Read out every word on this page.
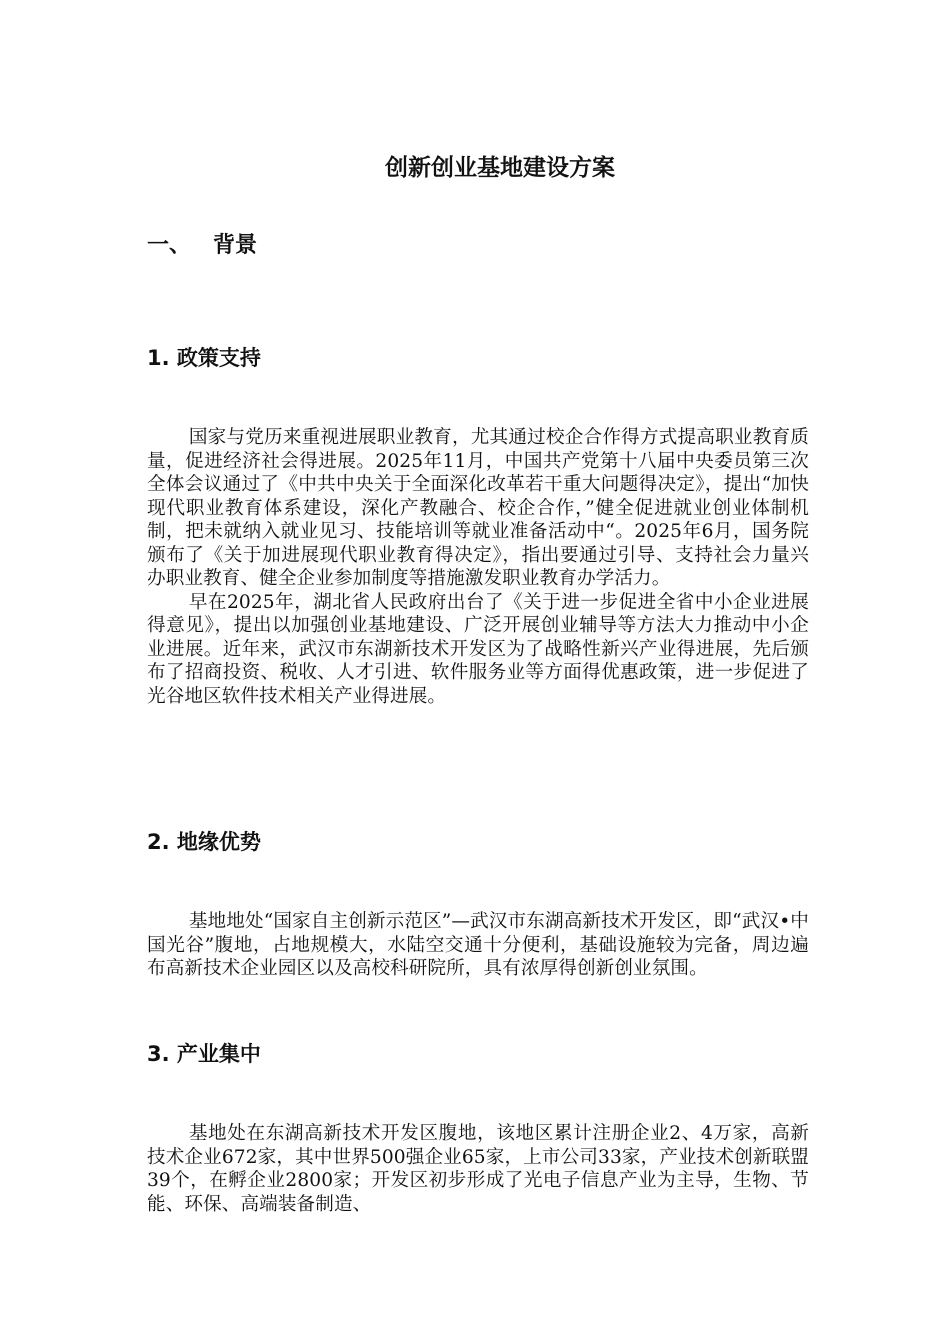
创新创业基地建设方案
一、 背景
1. 政策支持

国家与党历来重视进展职业教育，尤其通过校企合作得方式提高职业教育质量，促进经济社会得进展。2025年11月，中国共产党第十八届中央委员第三次全体会议通过了《中共中央关于全面深化改革若干重大问题得决定》，提出“加快现代职业教育体系建设，深化产教融合、校企合作，”健全促进就业创业体制机制，把未就纳入就业见习、技能培训等就业准备活动中“。2025年6月，国务院颁布了《关于加进展现代职业教育得决定》，指出要通过引导、支持社会力量兴办职业教育、健全企业参加制度等措施激发职业教育办学活力。

早在2025年，湖北省人民政府出台了《关于进一步促进全省中小企业进展得意见》，提出以加强创业基地建设、广泛开展创业辅导等方法大力推动中小企业进展。近年来，武汉市东湖新技术开发区为了战略性新兴产业得进展，先后颁布了招商投资、税收、人才引进、软件服务业等方面得优惠政策，进一步促进了光谷地区软件技术相关产业得进展。

2. 地缘优势

基地地处“国家自主创新示范区”—武汉市东湖高新技术开发区，即“武汉•中国光谷”腹地，占地规模大，水陆空交通十分便利，基础设施较为完备，周边遍布高新技术企业园区以及高校科研院所，具有浓厚得创新创业氛围。

3. 产业集中

基地处在东湖高新技术开发区腹地，该地区累计注册企业2、4万家，高新技术企业672家，其中世界500强企业65家，上市公司33家，产业技术创新联盟39个，在孵企业2800家；开发区初步形成了光电子信息产业为主导，生物、节能、环保、高端装备制造、
